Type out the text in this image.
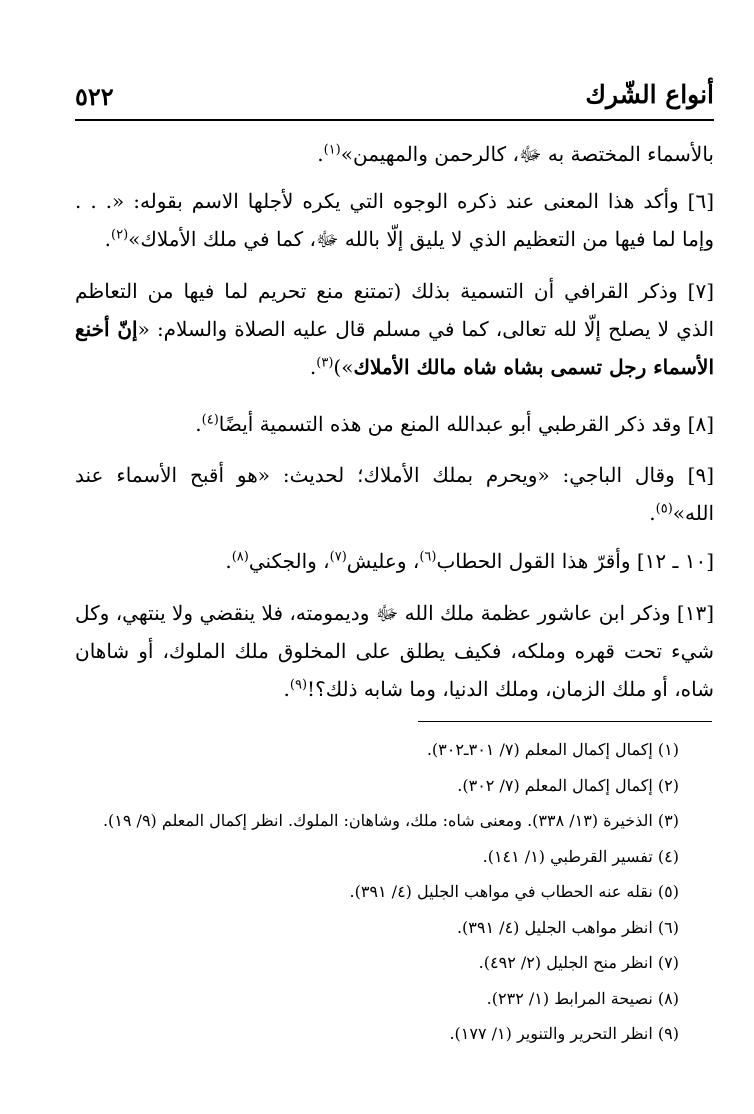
أنواع الشّرك
٥٢٢
بالأسماء المختصة به ﷻ، كالرحمن والمهيمن»$^{(١)}$.
[٦] وأكد هذا المعنى عند ذكره الوجوه التي يكره لأجلها الاسم بقوله: «. . . وإما لما فيها من التعظيم الذي لا يليق إلّا بالله ﷻ، كما في ملك الأملاك»$^{(٢)}$.
[٧] وذكر القرافي أن التسمية بذلك (تمتنع منع تحريم لما فيها من التعاظم الذي لا يصلح إلّا لله تعالى، كما في مسلم قال عليه الصلاة والسلام: «إنّ أخنع الأسماء رجل تسمى بشاه شاه مالك الأملاك»)$^{(٣)}$.
[٨] وقد ذكر القرطبي أبو عبدالله المنع من هذه التسمية أيضًا$^{(٤)}$.
[٩] وقال الباجي: «ويحرم بملك الأملاك؛ لحديث: «هو أقبح الأسماء عند الله»$^{(٥)}$.
[١٠ ـ ١٢] وأقرّ هذا القول الحطاب$^{(٦)}$، وعليش$^{(٧)}$، والجكني$^{(٨)}$.
[١٣] وذكر ابن عاشور عظمة ملك الله ﷻ وديمومته، فلا ينقضي ولا ينتهي، وكل شيء تحت قهره وملكه، فكيف يطلق على المخلوق ملك الملوك، أو شاهان شاه، أو ملك الزمان، وملك الدنيا، وما شابه ذلك؟!$^{(٩)}$.
(١) إكمال إكمال المعلم (٧/ ٣٠١ـ٣٠٢).
(٢) إكمال إكمال المعلم (٧/ ٣٠٢).
(٣) الذخيرة (١٣/ ٣٣٨). ومعنى شاه: ملك، وشاهان: الملوك. انظر إكمال المعلم (٩/ ١٩).
(٤) تفسير القرطبي (١/ ١٤١).
(٥) نقله عنه الحطاب في مواهب الجليل (٤/ ٣٩١).
(٦) انظر مواهب الجليل (٤/ ٣٩١).
(٧) انظر منح الجليل (٢/ ٤٩٢).
(٨) نصيحة المرابط (١/ ٢٣٢).
(٩) انظر التحرير والتنوير (١/ ١٧٧).
